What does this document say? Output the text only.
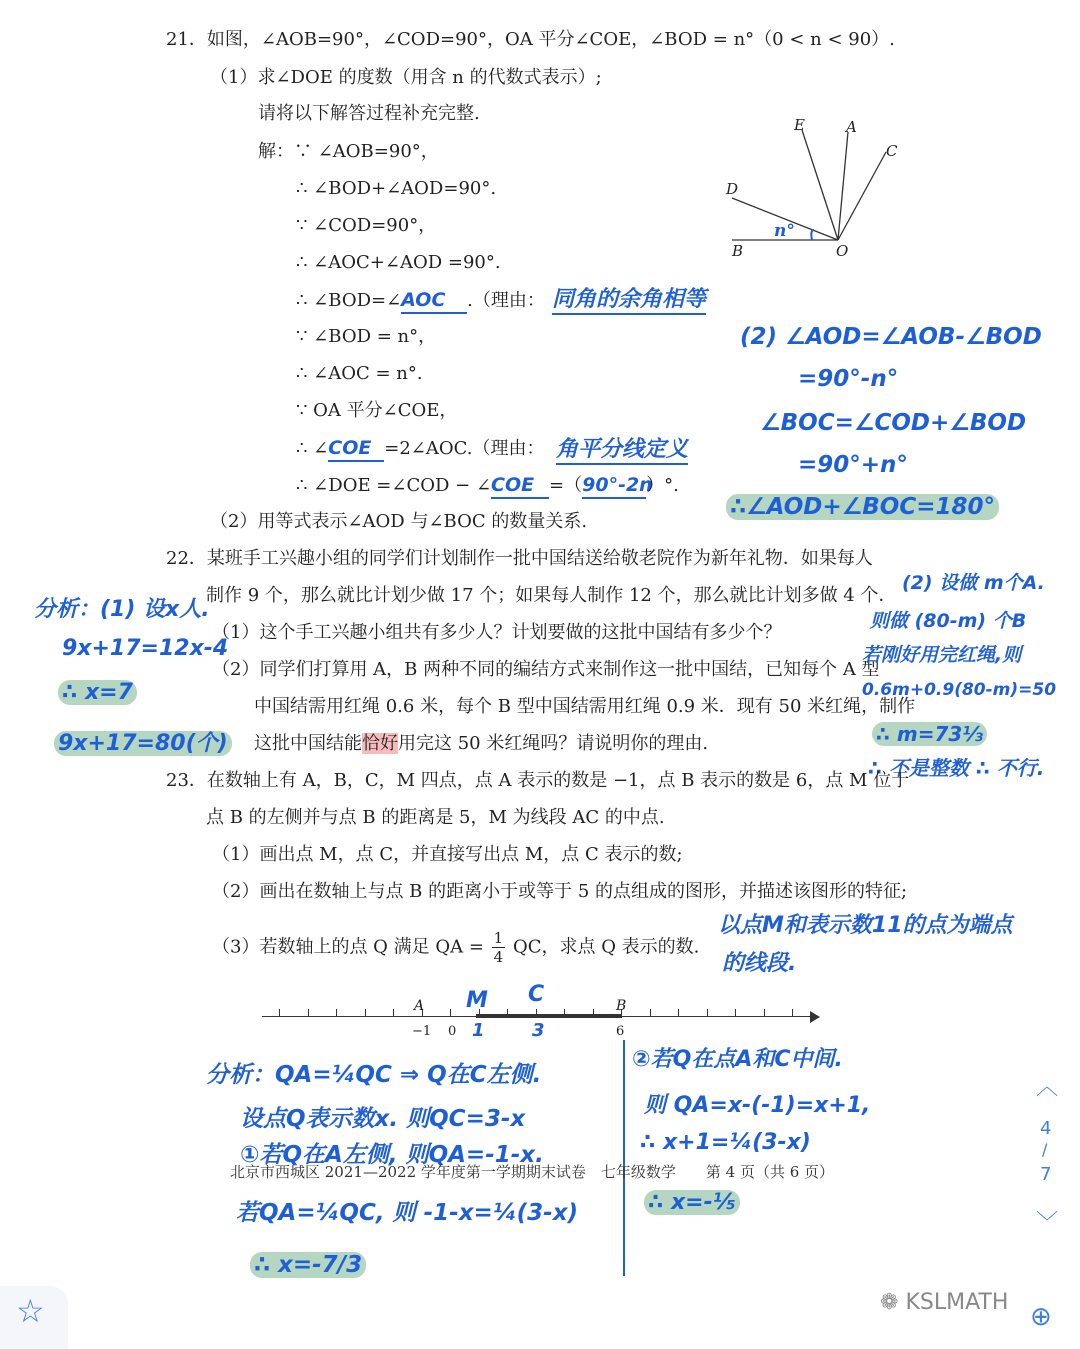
21．如图，∠AOB=90°，∠COD=90°，OA 平分∠COE，∠BOD = n°（0 < n < 90）.
（1）求∠DOE 的度数（用含 n 的代数式表示）;
请将以下解答过程补充完整.
解：∵ ∠AOB=90°，
∴ ∠BOD+∠AOD=90°.
∵ ∠COD=90°，
∴ ∠AOC+∠AOD =90°.
∴ ∠BOD=∠AOC .（理由： 同角的余角相等
∵ ∠BOD = n°，
∴ ∠AOC = n°.
∵ OA 平分∠COE，
∴ ∠COE =2∠AOC.（理由： 角平分线定义
∴ ∠DOE =∠COD − ∠COE =（90°-2n）°.
（2）用等式表示∠AOD 与∠BOC 的数量关系.
E	A
C
D
B	O
n°
(2) ∠AOD=∠AOB-∠BOD
=90°-n°
∠BOC=∠COD+∠BOD
=90°+n°
∴∠AOD+∠BOC=180°
22．某班手工兴趣小组的同学们计划制作一批中国结送给敬老院作为新年礼物．如果每人
制作 9 个，那么就比计划少做 17 个；如果每人制作 12 个，那么就比计划多做 4 个．
（1）这个手工兴趣小组共有多少人？计划要做的这批中国结有多少个？
（2）同学们打算用 A，B 两种不同的编结方式来制作这一批中国结，已知每个 A 型
中国结需用红绳 0.6 米，每个 B 型中国结需用红绳 0.9 米．现有 50 米红绳，制作
这批中国结能恰好用完这 50 米红绳吗？请说明你的理由.
分析：(1) 设x人.
9x+17=12x-4
∴ x=7
9x+17=80(个)
(2) 设做 m个A.
则做 (80-m) 个B
若刚好用完红绳,则
0.6m+0.9(80-m)=50
∴ m=73⅓
∴ 不是整数 ∴ 不行.
23．在数轴上有 A，B，C，M 四点，点 A 表示的数是 −1，点 B 表示的数是 6，点 M 位于
点 B 的左侧并与点 B 的距离是 5，M 为线段 AC 的中点.
（1）画出点 M，点 C，并直接写出点 M，点 C 表示的数;
（2）画出在数轴上与点 B 的距离小于或等于 5 的点组成的图形，并描述该图形的特征;
（3）若数轴上的点 Q 满足 QA = $\frac{1}{4}$ QC，求点 Q 表示的数.
以点M和表示数11的点为端点
的线段.
A	B
−1 0	6
M C
1	3
分析：QA=¼QC ⇒ Q在C左侧.
设点Q表示数x. 则QC=3-x
①若Q在A左侧, 则QA=-1-x.
若QA=¼QC, 则 -1-x=¼(3-x)
∴ x=-7/3
②若Q在点A和C中间.
则 QA=x-(-1)=x+1,
∴ x+1=¼(3-x)
∴ x=-⅕
北京市西城区 2021—2022 学年度第一学期期末试卷　七年级数学　　第 4 页（共 6 页）
︿
4
/
7
﹀
☆	❁ KSLMATH ⊕
